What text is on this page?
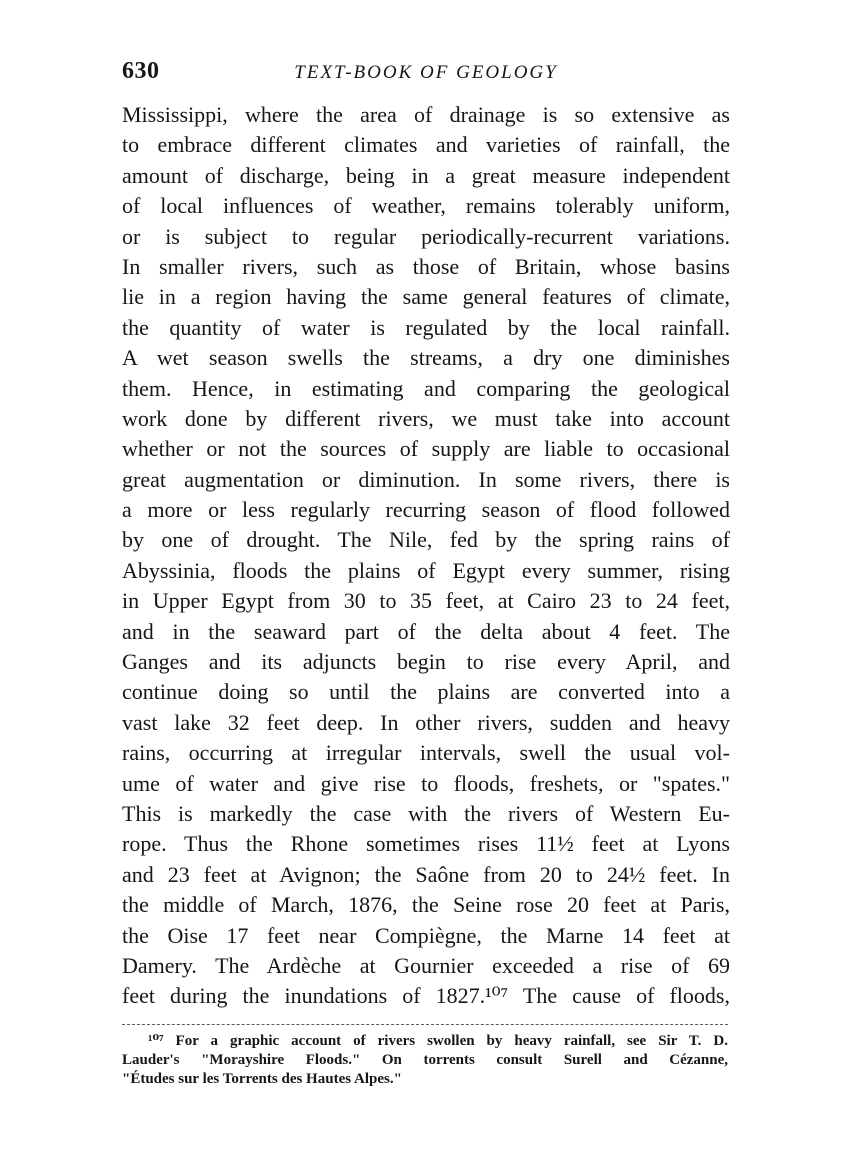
630	TEXT-BOOK OF GEOLOGY
Mississippi, where the area of drainage is so extensive as
to embrace different climates and varieties of rainfall, the
amount of discharge, being in a great measure independent
of local influences of weather, remains tolerably uniform,
or is subject to regular periodically-recurrent variations.
In smaller rivers, such as those of Britain, whose basins
lie in a region having the same general features of climate,
the quantity of water is regulated by the local rainfall.
A wet season swells the streams, a dry one diminishes
them. Hence, in estimating and comparing the geological
work done by different rivers, we must take into account
whether or not the sources of supply are liable to occasional
great augmentation or diminution. In some rivers, there is
a more or less regularly recurring season of flood followed
by one of drought. The Nile, fed by the spring rains of
Abyssinia, floods the plains of Egypt every summer, rising
in Upper Egypt from 30 to 35 feet, at Cairo 23 to 24 feet,
and in the seaward part of the delta about 4 feet. The
Ganges and its adjuncts begin to rise every April, and
continue doing so until the plains are converted into a
vast lake 32 feet deep. In other rivers, sudden and heavy
rains, occurring at irregular intervals, swell the usual vol-
ume of water and give rise to floods, freshets, or "spates."
This is markedly the case with the rivers of Western Eu-
rope. Thus the Rhone sometimes rises 11½ feet at Lyons
and 23 feet at Avignon; the Saône from 20 to 24½ feet. In
the middle of March, 1876, the Seine rose 20 feet at Paris,
the Oise 17 feet near Compiègne, the Marne 14 feet at
Damery. The Ardèche at Gournier exceeded a rise of 69
feet during the inundations of 1827.¹⁰⁷ The cause of floods,
¹⁰⁷ For a graphic account of rivers swollen by heavy rainfall, see Sir T. D.
Lauder's "Morayshire Floods." On torrents consult Surell and Cézanne,
"Études sur les Torrents des Hautes Alpes."
